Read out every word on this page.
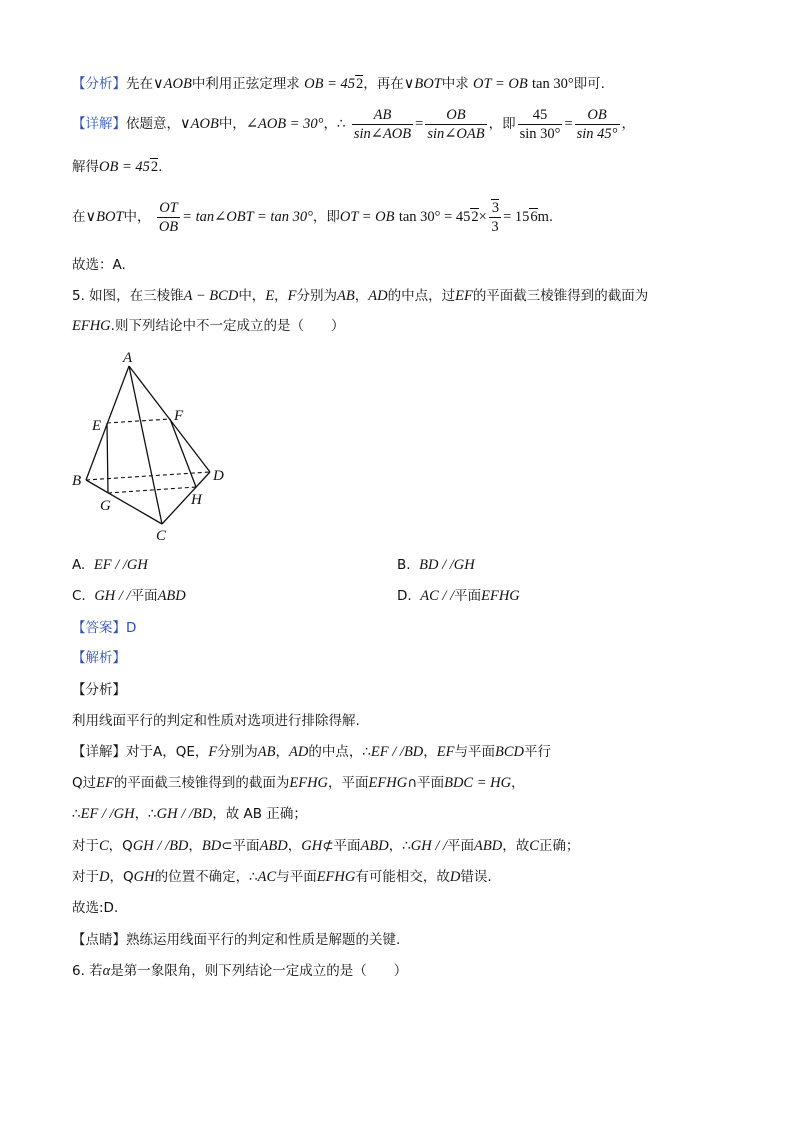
【分析】先在∨AOB中利用正弦定理求 OB = 452，再在∨BOT中求 OT = OB tan 30°即可.
【详解】依题意，∨AOB中，∠AOB = 30°，∴ $\frac{AB}{\text{sin∠AOB}} = \frac{OB}{\text{sin∠OAB}}$ ，即 $\frac{45}{\sin 30^\circ} = \frac{OB}{\sin 45^\circ}$ ，
解得OB = 452.
在∨BOT中， $\frac{OT}{OB}$ = tan∠OBT = tan 30°，即OT = OB $\tan 30^\circ = 452\times \frac{3}{3} = 156m$.
故选：A.
5. 如图，在三棱锥A − BCD中，E，F分别为AB，AD的中点，过EF的平面截三棱锥得到的截面为
EFHG.则下列结论中不一定成立的是（　　）
A
E
F
B	D
G	H
C
A. EF / /GH	B. BD / /GH
C. GH / /平面ABD	D. AC / /平面EFHG
【答案】D
【解析】
【分析】
利用线面平行的判定和性质对选项进行排除得解.
【详解】对于A，QE，F分别为AB，AD的中点，∴EF / /BD，EF与平面BCD平行
Q过EF的平面截三棱锥得到的截面为EFHG，平面EFHG∩平面BDC = HG，
∴EF / /GH，∴GH / /BD，故 AB 正确；
对于C，QGH / /BD，BD⊂平面ABD，GH⊄平面ABD，∴GH / /平面ABD，故C正确；
对于D，QGH的位置不确定，∴AC与平面EFHG有可能相交，故D错误.
故选:D.
【点睛】熟练运用线面平行的判定和性质是解题的关键.
6. 若α是第一象限角，则下列结论一定成立的是（　　）
